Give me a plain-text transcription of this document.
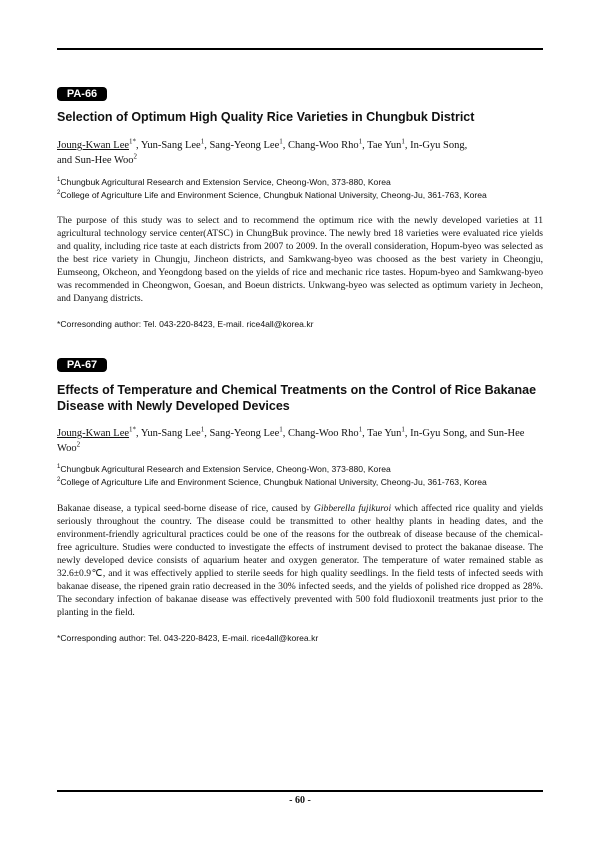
PA-66
Selection of Optimum High Quality Rice Varieties in Chungbuk District

Joung-Kwan Lee$^{1*}$, Yun-Sang Lee$^1$, Sang-Yeong Lee$^1$, Chang-Woo Rho$^1$, Tae Yun$^1$, In-Gyu Song,
and Sun-Hee Woo$^2$

$^1$Chungbuk Agricultural Research and Extension Service, Cheong-Won, 373-880, Korea
$^2$College of Agriculture Life and Environment Science, Chungbuk National University, Cheong-Ju, 361-763, Korea

The purpose of this study was to select and to recommend the optimum rice with the newly developed varieties at 11 agricultural technology service center(ATSC) in ChungBuk province. The newly bred 18 varieties were evaluated rice yields and quality, including rice taste at each districts from 2007 to 2009. In the overall consideration, Hopum-byeo was selected as the best rice variety in Chungju, Jincheon districts, and Samkwang-byeo was choosed as the best variety in Cheongju, Eumseong, Okcheon, and Yeongdong based on the yields of rice and mechanic rice tastes. Hopum-byeo and Samkwang-byeo was recommended in Cheongwon, Goesan, and Boeun districts. Unkwang-byeo was selected as optimum variety in Jecheon, and Danyang districts.

*Corresonding author: Tel. 043-220-8423, E-mail. rice4all@korea.kr

PA-67
Effects of Temperature and Chemical Treatments on the Control of Rice Bakanae Disease with Newly Developed Devices

Joung-Kwan Lee$^{1*}$, Yun-Sang Lee$^1$, Sang-Yeong Lee$^1$, Chang-Woo Rho$^1$, Tae Yun$^1$, In-Gyu Song, and Sun-Hee Woo$^2$

$^1$Chungbuk Agricultural Research and Extension Service, Cheong-Won, 373-880, Korea
$^2$College of Agriculture Life and Environment Science, Chungbuk National University, Cheong-Ju, 361-763, Korea

Bakanae disease, a typical seed-borne disease of rice, caused by Gibberella fujikuroi which affected rice quality and yields seriously throughout the country. The disease could be transmitted to other healthy plants in heading dates, and the environment-friendly agricultural practices could be one of the reasons for the outbreak of disease because of the chemical-free agriculture. Studies were conducted to investigate the effects of instrument devised to protect the bakanae disease. The newly developed device consists of aquarium heater and oxygen generator. The temperature of water remained stable as 32.6±0.9℃, and it was effectively applied to sterile seeds for high quality seedlings. In the field tests of infected seeds with bakanae disease, the ripened grain ratio decreased in the 30% infected seeds, and the yields of polished rice dropped as 28%. The secondary infection of bakanae disease was effectively prevented with 500 fold fludioxonil treatments just prior to the planting in the field.

*Corresponding author: Tel. 043-220-8423, E-mail. rice4all@korea.kr

- 60 -
